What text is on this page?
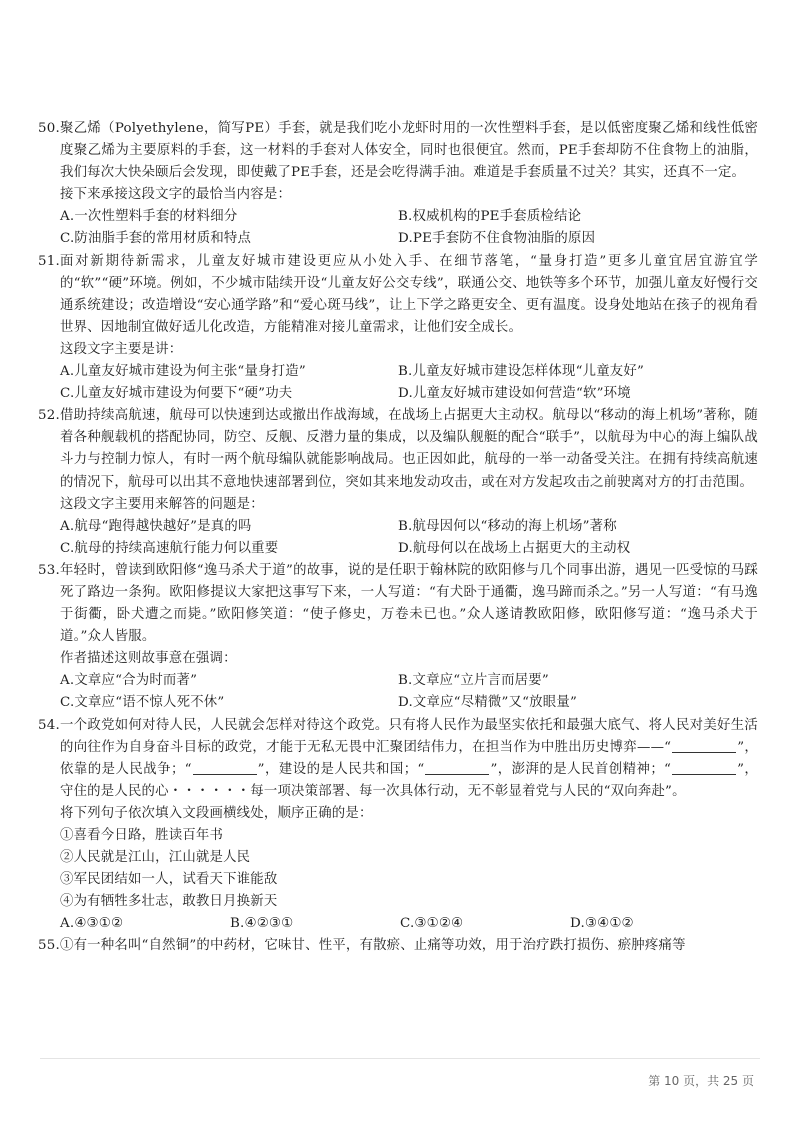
50. 聚乙烯（Polyethylene，简写PE）手套，就是我们吃小龙虾时用的一次性塑料手套，是以低密度聚乙烯和线性低密度聚乙烯为主要原料的手套，这一材料的手套对人体安全，同时也很便宜。然而，PE手套却防不住食物上的油脂，我们每次大快朵颐后会发现，即使戴了PE手套，还是会吃得满手油。难道是手套质量不过关？其实，还真不一定。
接下来承接这段文字的最恰当内容是：
A.一次性塑料手套的材料细分	B.权威机构的PE手套质检结论
C.防油脂手套的常用材质和特点	D.PE手套防不住食物油脂的原因
51. 面对新期待新需求，儿童友好城市建设更应从小处入手、在细节落笔，“量身打造”更多儿童宜居宜游宜学的“软”“硬”环境。例如，不少城市陆续开设“儿童友好公交专线”，联通公交、地铁等多个环节，加强儿童友好慢行交通系统建设；改造增设“安心通学路”和“爱心斑马线”，让上下学之路更安全、更有温度。设身处地站在孩子的视角看世界、因地制宜做好适儿化改造，方能精准对接儿童需求，让他们安全成长。
这段文字主要是讲：
A.儿童友好城市建设为何主张“量身打造”	B.儿童友好城市建设怎样体现“儿童友好”
C.儿童友好城市建设为何要下“硬”功夫	D.儿童友好城市建设如何营造“软”环境
52. 借助持续高航速，航母可以快速到达或撤出作战海域，在战场上占据更大主动权。航母以“移动的海上机场”著称，随着各种舰载机的搭配协同，防空、反舰、反潜力量的集成，以及编队舰艇的配合“联手”，以航母为中心的海上编队战斗力与控制力惊人，有时一两个航母编队就能影响战局。也正因如此，航母的一举一动备受关注。在拥有持续高航速的情况下，航母可以出其不意地快速部署到位，突如其来地发动攻击，或在对方发起攻击之前驶离对方的打击范围。
这段文字主要用来解答的问题是：
A.航母“跑得越快越好”是真的吗	B.航母因何以“移动的海上机场”著称
C.航母的持续高速航行能力何以重要	D.航母何以在战场上占据更大的主动权
53. 年轻时，曾读到欧阳修“逸马杀犬于道”的故事，说的是任职于翰林院的欧阳修与几个同事出游，遇见一匹受惊的马踩死了路边一条狗。欧阳修提议大家把这事写下来，一人写道：“有犬卧于通衢，逸马蹄而杀之。”另一人写道：“有马逸于街衢，卧犬遭之而毙。”欧阳修笑道：“使子修史，万卷未已也。”众人遂请教欧阳修，欧阳修写道：“逸马杀犬于道。”众人皆服。
作者描述这则故事意在强调：
A.文章应“合为时而著”	B.文章应“立片言而居要”
C.文章应“语不惊人死不休”	D.文章应“尽精微”又“放眼量”
54. 一个政党如何对待人民，人民就会怎样对待这个政党。只有将人民作为最坚实依托和最强大底气、将人民对美好生活的向往作为自身奋斗目标的政党，才能于无私无畏中汇聚团结伟力，在担当作为中胜出历史博弈——“	”，依靠的是人民战争；“	”，建设的是人民共和国；“	”，澎湃的是人民首创精神；“	”，守住的是人民的心・・・・・・每一项决策部署、每一次具体行动，无不彰显着党与人民的“双向奔赴”。
将下列句子依次填入文段画横线处，顺序正确的是：
①喜看今日路，胜读百年书
②人民就是江山，江山就是人民
③军民团结如一人，试看天下谁能敌
④为有牺牲多壮志，敢教日月换新天
A.④③①②	B.④②③①	C.③①②④	D.③④①②
55. ①有一种名叫“自然铜”的中药材，它味甘、性平，有散瘀、止痛等功效，用于治疗跌打损伤、瘀肿疼痛等
第 10 页，共 25 页
